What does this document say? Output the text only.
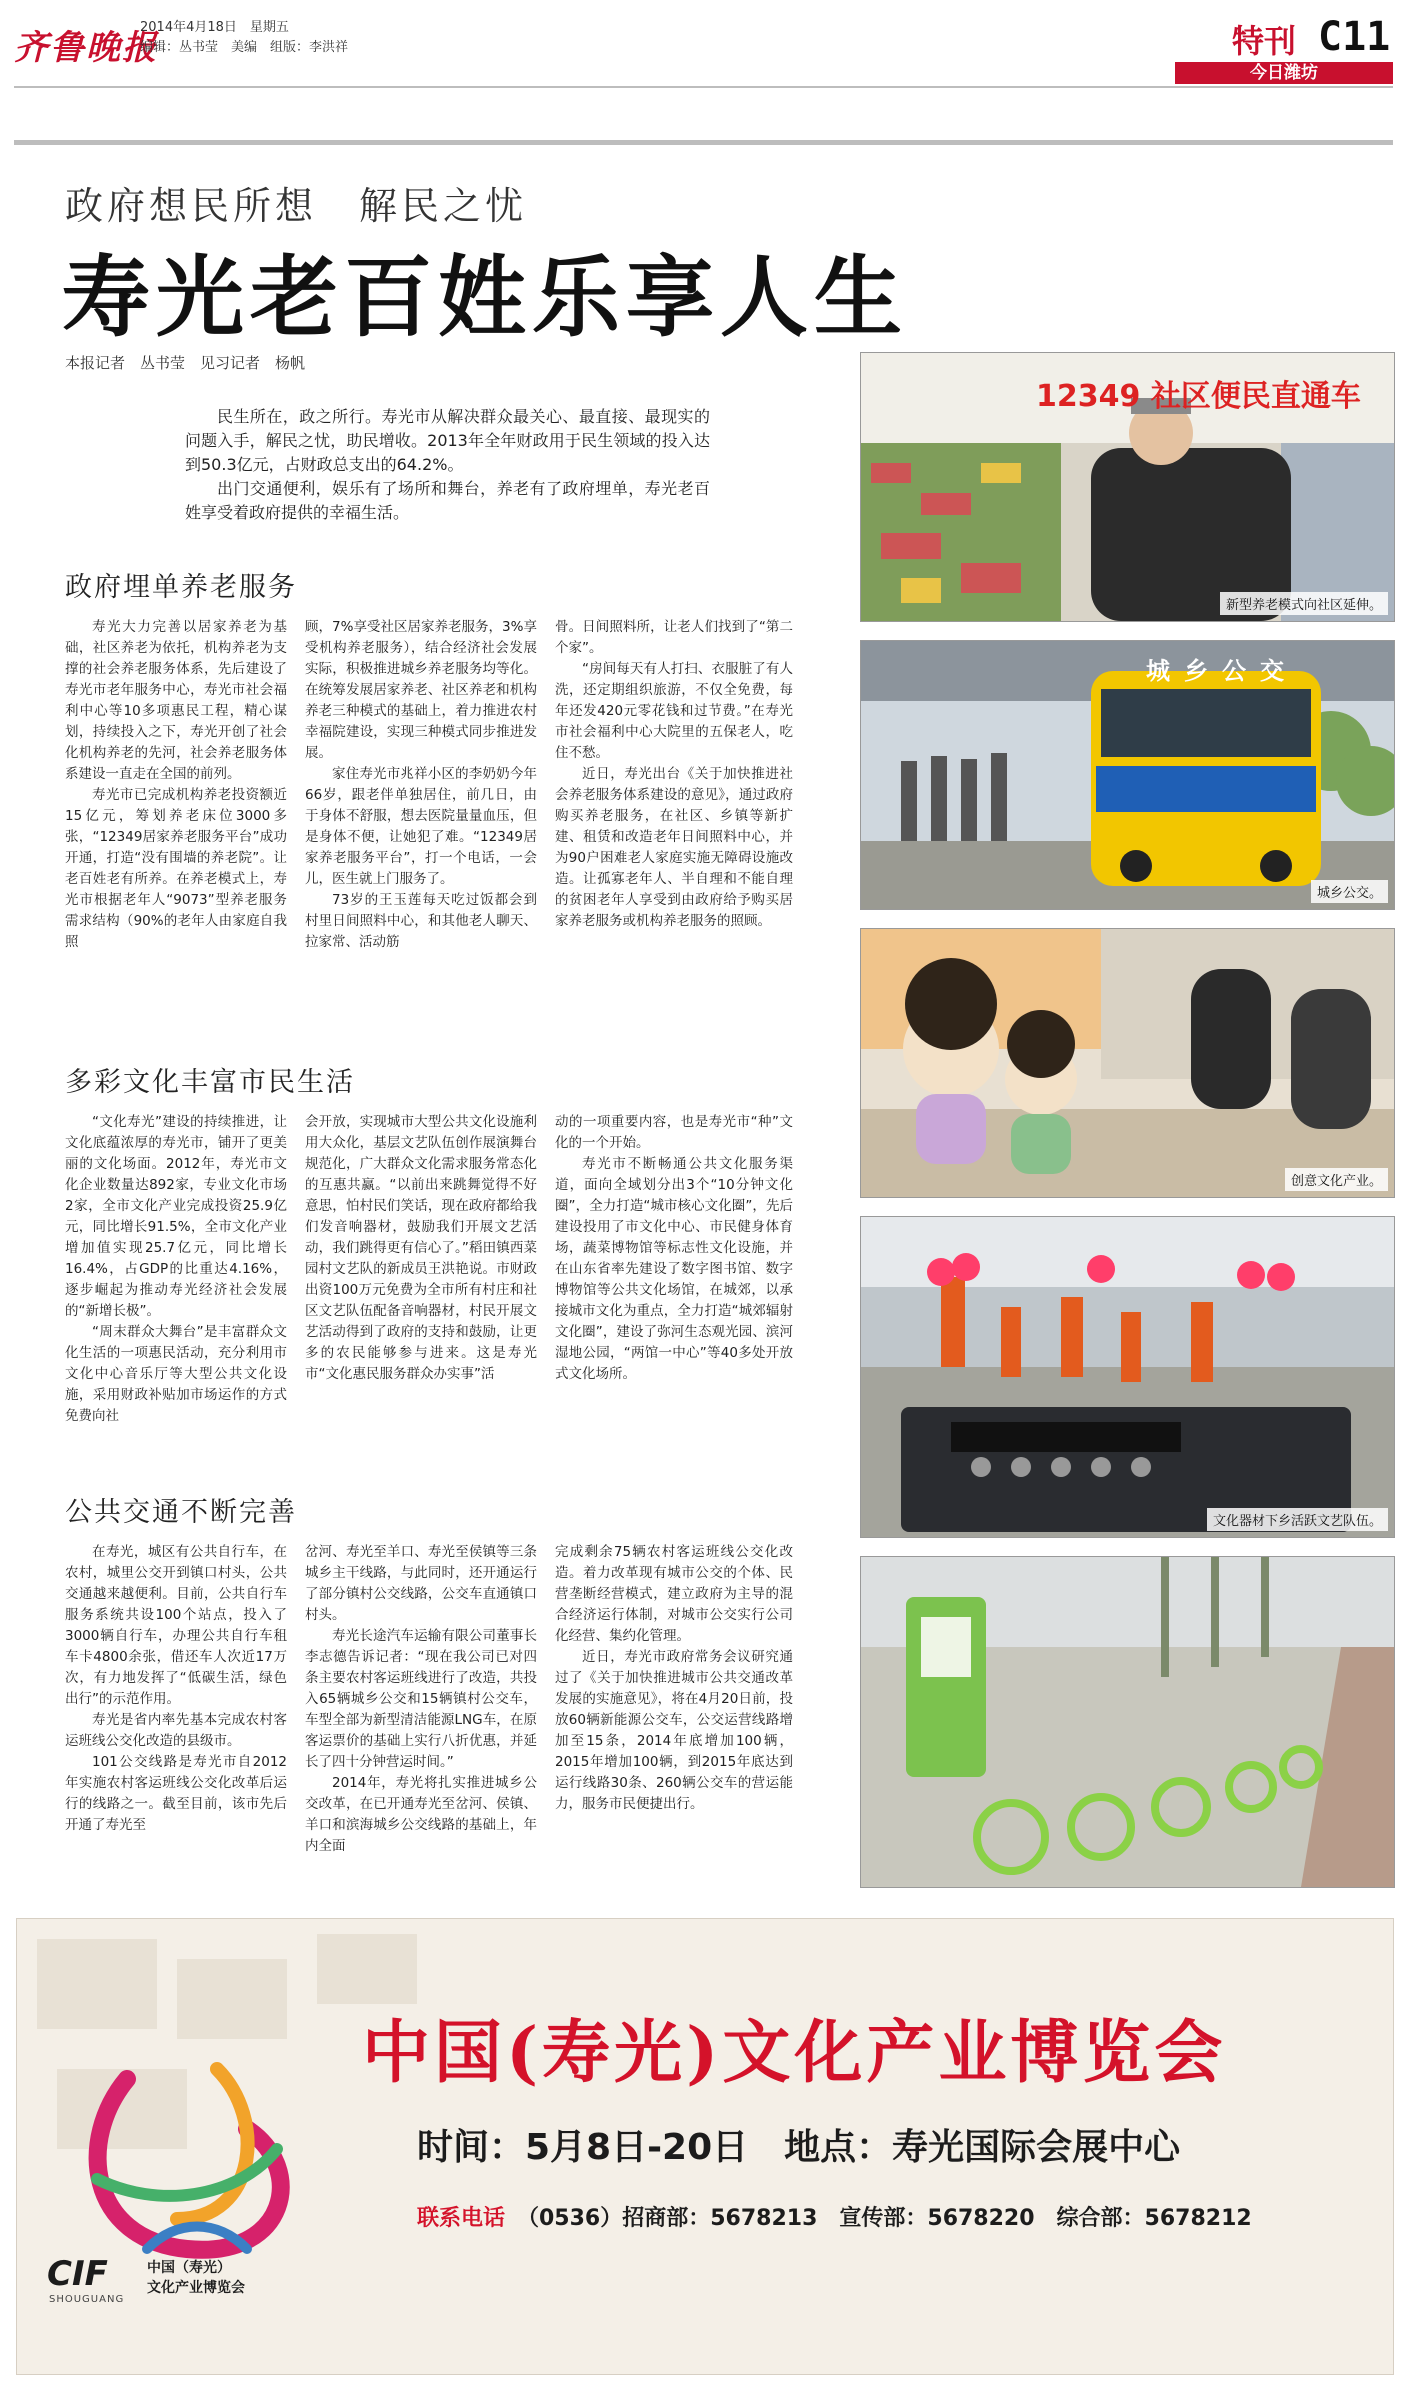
齐鲁晚报
2014年4月18日　星期五
编辑：丛书莹　美编　组版：李洪祥	特刊 C11
今日潍坊
政府想民所想　解民之忧
寿光老百姓乐享人生
本报记者　丛书莹　见习记者　杨帆

民生所在，政之所行。寿光市从解决群众最关心、最直接、最现实的问题入手，解民之忧，助民增收。2013年全年财政用于民生领域的投入达到50.3亿元，占财政总支出的64.2%。

出门交通便利，娱乐有了场所和舞台，养老有了政府埋单，寿光老百姓享受着政府提供的幸福生活。

政府埋单养老服务

寿光大力完善以居家养老为基础，社区养老为依托，机构养老为支撑的社会养老服务体系，先后建设了寿光市老年服务中心，寿光市社会福利中心等10多项惠民工程，精心谋划，持续投入之下，寿光开创了社会化机构养老的先河，社会养老服务体系建设一直走在全国的前列。

寿光市已完成机构养老投资额近15亿元，筹划养老床位3000多张，“12349居家养老服务平台”成功开通，打造“没有围墙的养老院”。让老百姓老有所养。在养老模式上，寿光市根据老年人“9073”型养老服务需求结构（90%的老年人由家庭自我照

顾，7%享受社区居家养老服务，3%享受机构养老服务），结合经济社会发展实际，积极推进城乡养老服务均等化。在统筹发展居家养老、社区养老和机构养老三种模式的基础上，着力推进农村幸福院建设，实现三种模式同步推进发展。

家住寿光市兆祥小区的李奶奶今年66岁，跟老伴单独居住，前几日，由于身体不舒服，想去医院量量血压，但是身体不便，让她犯了难。“12349居家养老服务平台”，打一个电话，一会儿，医生就上门服务了。

73岁的王玉莲每天吃过饭都会到村里日间照料中心，和其他老人聊天、拉家常、活动筋

骨。日间照料所，让老人们找到了“第二个家”。

“房间每天有人打扫、衣服脏了有人洗，还定期组织旅游，不仅全免费，每年还发420元零花钱和过节费。”在寿光市社会福利中心大院里的五保老人，吃住不愁。

近日，寿光出台《关于加快推进社会养老服务体系建设的意见》，通过政府购买养老服务，在社区、乡镇等新扩建、租赁和改造老年日间照料中心，并为90户困难老人家庭实施无障碍设施改造。让孤寡老年人、半自理和不能自理的贫困老年人享受到由政府给予购买居家养老服务或机构养老服务的照顾。

多彩文化丰富市民生活

“文化寿光”建设的持续推进，让文化底蕴浓厚的寿光市，铺开了更美丽的文化场面。2012年，寿光市文化企业数量达892家，专业文化市场2家，全市文化产业完成投资25.9亿元，同比增长91.5%，全市文化产业增加值实现25.7亿元，同比增长16.4%，占GDP的比重达4.16%，逐步崛起为推动寿光经济社会发展的“新增长极”。

“周末群众大舞台”是丰富群众文化生活的一项惠民活动，充分利用市文化中心音乐厅等大型公共文化设施，采用财政补贴加市场运作的方式免费向社

会开放，实现城市大型公共文化设施利用大众化，基层文艺队伍创作展演舞台规范化，广大群众文化需求服务常态化的互惠共赢。“以前出来跳舞觉得不好意思，怕村民们笑话，现在政府都给我们发音响器材，鼓励我们开展文艺活动，我们跳得更有信心了。”稻田镇西菜园村文艺队的新成员王洪艳说。市财政出资100万元免费为全市所有村庄和社区文艺队伍配备音响器材，村民开展文艺活动得到了政府的支持和鼓励，让更多的农民能够参与进来。这是寿光市“文化惠民服务群众办实事”活

动的一项重要内容，也是寿光市“种”文化的一个开始。

寿光市不断畅通公共文化服务渠道，面向全域划分出3个“10分钟文化圈”，全力打造“城市核心文化圈”，先后建设投用了市文化中心、市民健身体育场，蔬菜博物馆等标志性文化设施，并在山东省率先建设了数字图书馆、数字博物馆等公共文化场馆，在城郊，以承接城市文化为重点，全力打造“城郊辐射文化圈”，建设了弥河生态观光园、滨河湿地公园，“两馆一中心”等40多处开放式文化场所。

公共交通不断完善

在寿光，城区有公共自行车，在农村，城里公交开到镇口村头，公共交通越来越便利。目前，公共自行车服务系统共设100个站点，投入了3000辆自行车，办理公共自行车租车卡4800余张，借还车人次近17万次，有力地发挥了“低碳生活，绿色出行”的示范作用。

寿光是省内率先基本完成农村客运班线公交化改造的县级市。

101公交线路是寿光市自2012年实施农村客运班线公交化改革后运行的线路之一。截至目前，该市先后开通了寿光至

岔河、寿光至羊口、寿光至侯镇等三条城乡主干线路，与此同时，还开通运行了部分镇村公交线路，公交车直通镇口村头。

寿光长途汽车运输有限公司董事长李志德告诉记者：“现在我公司已对四条主要农村客运班线进行了改造，共投入65辆城乡公交和15辆镇村公交车，车型全部为新型清洁能源LNG车，在原客运票价的基础上实行八折优惠，并延长了四十分钟营运时间。”

2014年，寿光将扎实推进城乡公交改革，在已开通寿光至岔河、侯镇、羊口和滨海城乡公交线路的基础上，年内全面

完成剩余75辆农村客运班线公交化改造。着力改革现有城市公交的个体、民营垄断经营模式，建立政府为主导的混合经济运行体制，对城市公交实行公司化经营、集约化管理。

近日，寿光市政府常务会议研究通过了《关于加快推进城市公共交通改革发展的实施意见》，将在4月20日前，投放60辆新能源公交车，公交运营线路增加至15条，2014年底增加100辆，2015年增加100辆，到2015年底达到运行线路30条、260辆公交车的营运能力，服务市民便捷出行。

12349 社区便民直通车
新型养老模式向社区延伸。
城乡公交
城乡公交。
创意文化产业。
文化器材下乡活跃文艺队伍。
CIF
SHOUGUANG
中国（寿光）
文化产业博览会
中国(寿光)文化产业博览会
时间：5月8日-20日　地点：寿光国际会展中心
联系电话 （0536）招商部：5678213　宣传部：5678220　综合部：5678212
